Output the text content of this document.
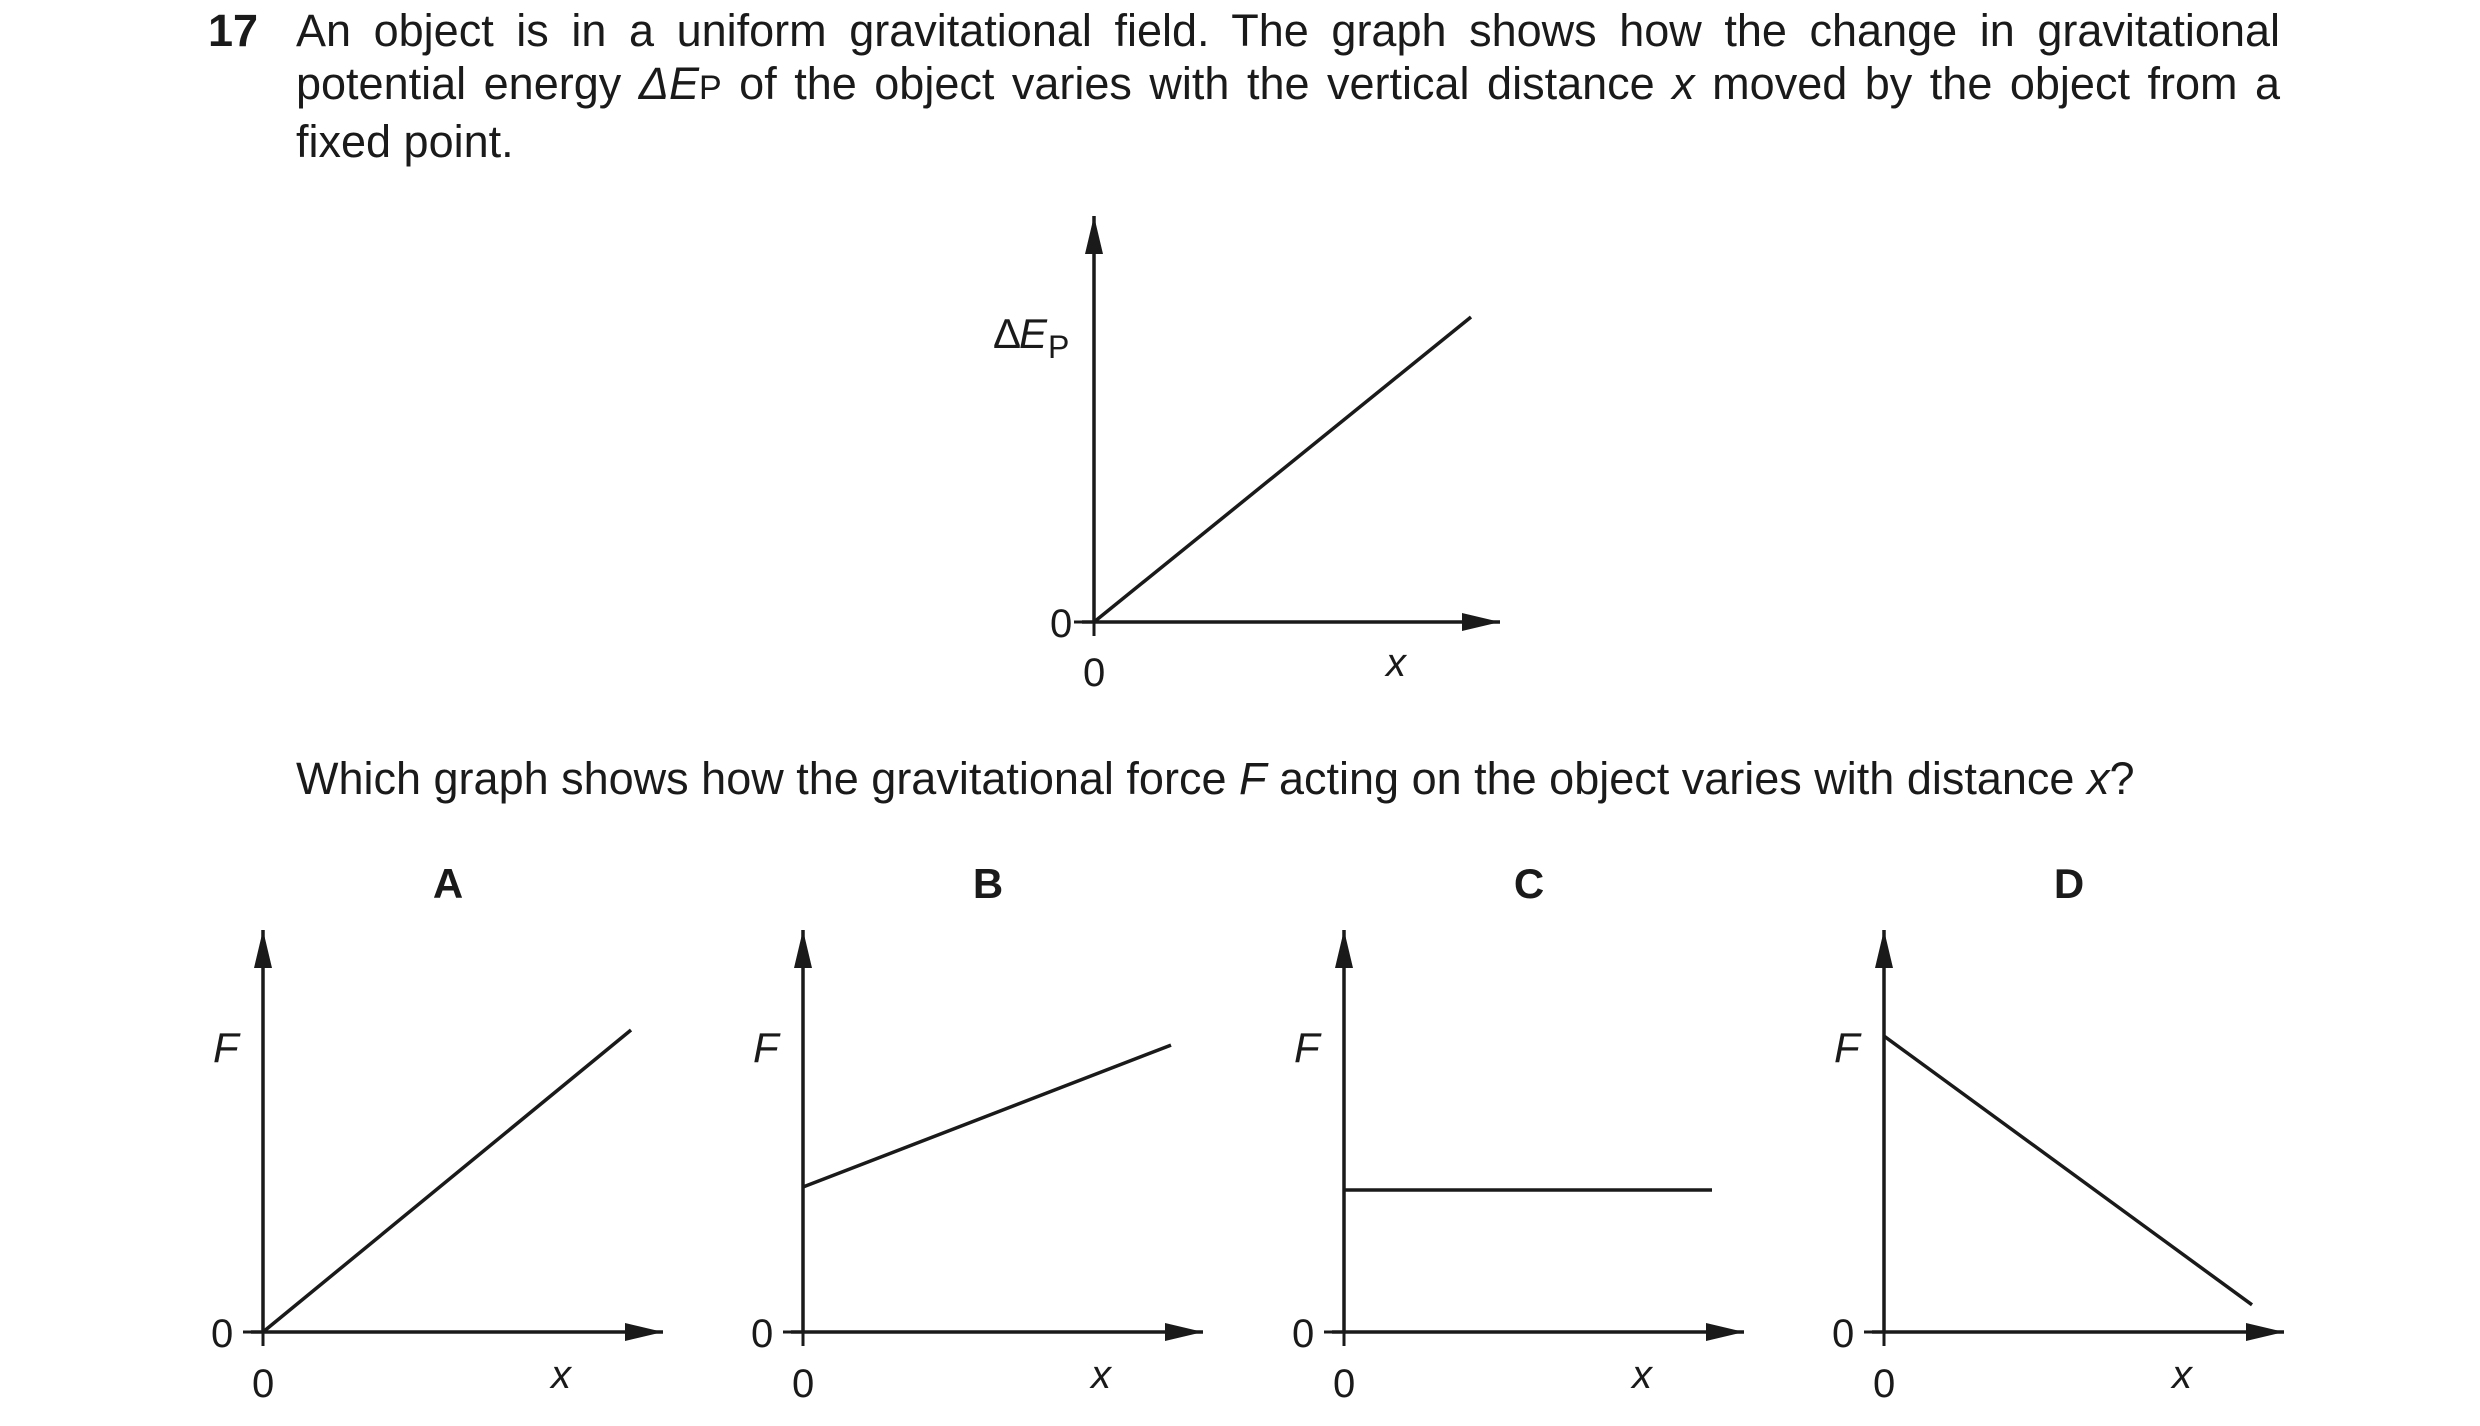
17 An object is in a uniform gravitational field. The graph shows how the change in gravitational
potential energy ΔEP of the object varies with the vertical distance x moved by the object from a
fixed point.
Which graph shows how the gravitational force F acting on the object varies with distance x?
Δ
E P
0
0	x
A
F
0
0	x
B
F
0
0	x
C
F
0
0	x
D
F
0
0	x
